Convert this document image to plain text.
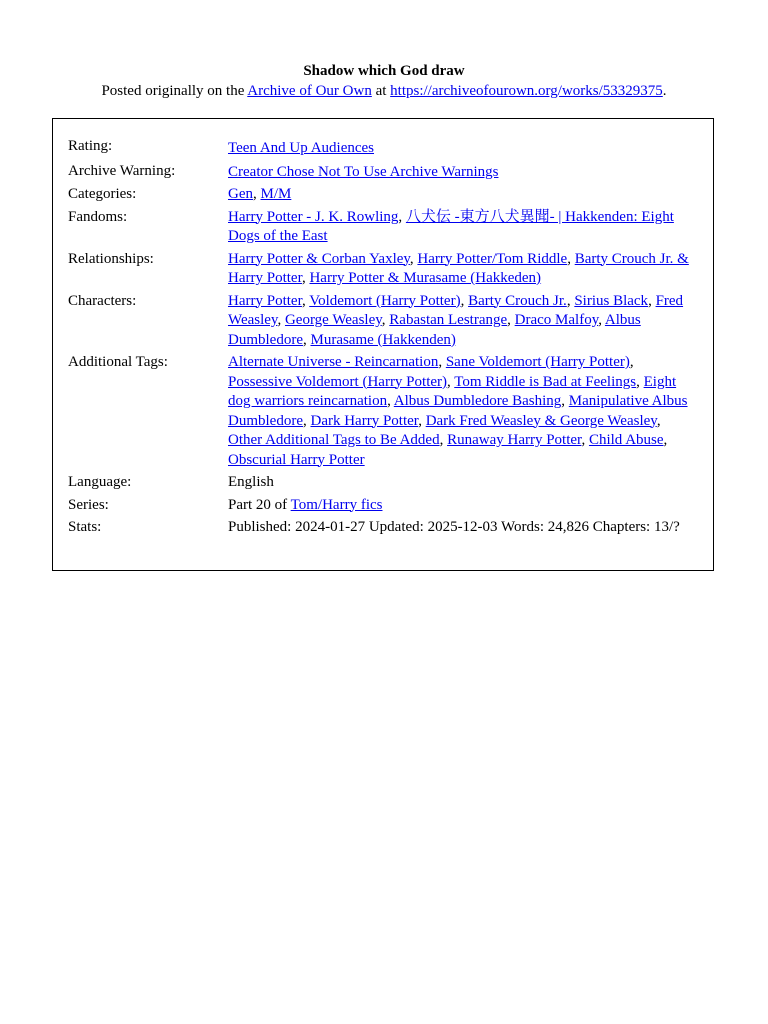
Shadow which God draw
Posted originally on the Archive of Our Own at https://archiveofourown.org/works/53329375.
Rating:	Teen And Up Audiences
Archive Warning:	Creator Chose Not To Use Archive Warnings
Categories:	Gen, M/M
Fandoms:	Harry Potter - J. K. Rowling, 八犬伝 -東方八犬異聞- | Hakkenden: Eight Dogs of the East
Relationships:	Harry Potter & Corban Yaxley, Harry Potter/Tom Riddle, Barty Crouch Jr. & Harry Potter, Harry Potter & Murasame (Hakkeden)
Characters:	Harry Potter, Voldemort (Harry Potter), Barty Crouch Jr., Sirius Black, Fred Weasley, George Weasley, Rabastan Lestrange, Draco Malfoy, Albus Dumbledore, Murasame (Hakkenden)
Additional Tags:	Alternate Universe - Reincarnation, Sane Voldemort (Harry Potter), Possessive Voldemort (Harry Potter), Tom Riddle is Bad at Feelings, Eight dog warriors reincarnation, Albus Dumbledore Bashing, Manipulative Albus Dumbledore, Dark Harry Potter, Dark Fred Weasley & George Weasley, Other Additional Tags to Be Added, Runaway Harry Potter, Child Abuse, Obscurial Harry Potter
Language:	English
Series:	Part 20 of Tom/Harry fics
Stats:	Published: 2024-01-27 Updated: 2025-12-03 Words: 24,826 Chapters: 13/?
